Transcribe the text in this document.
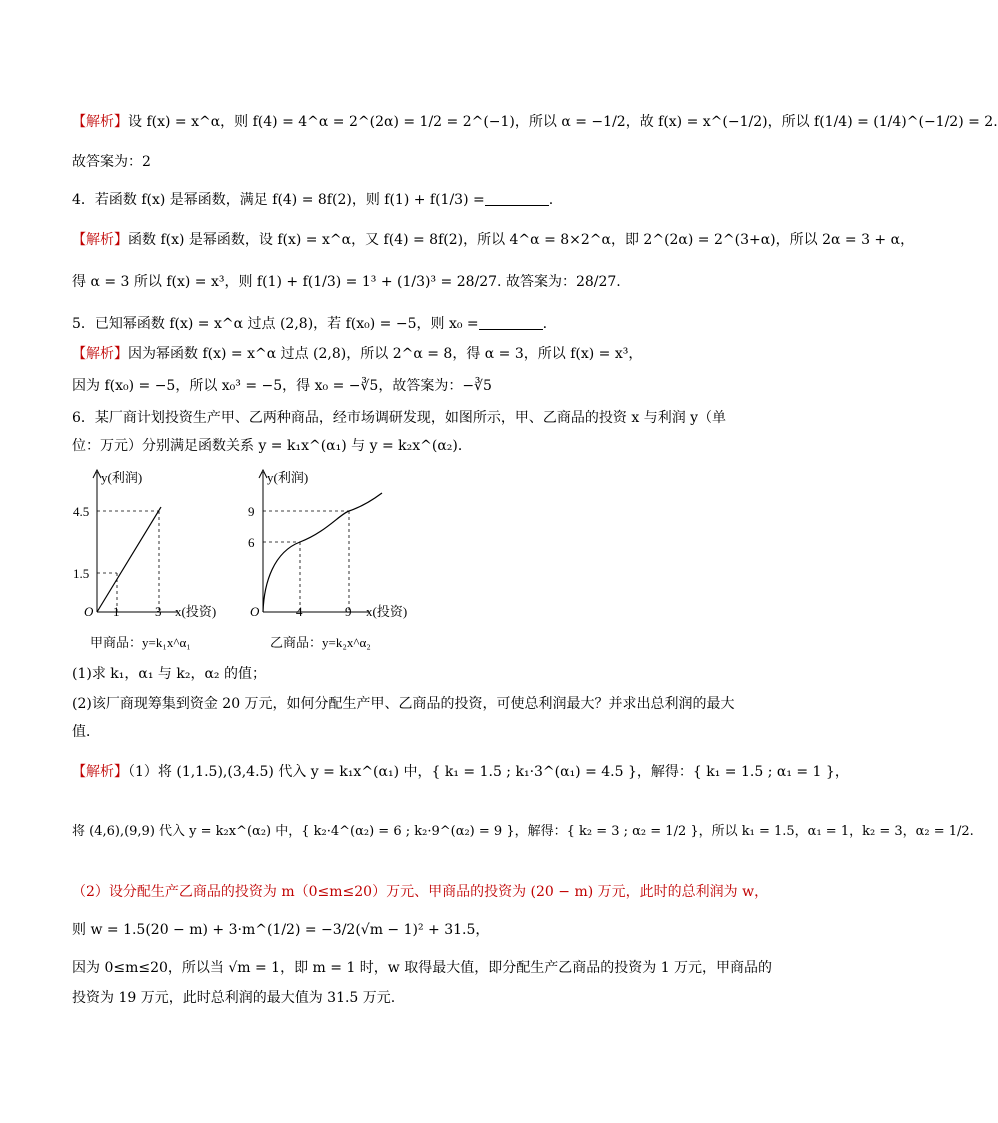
【解析】设 f(x) = x^α，则 f(4) = 4^α = 2^(2α) = 1/2 = 2^(−1)，所以 α = −1/2，故 f(x) = x^(−1/2)，所以 f(1/4) = (1/4)^(−1/2) = 2.
故答案为：2
4．若函数 f(x) 是幂函数，满足 f(4) = 8f(2)，则 f(1) + f(1/3) =	.
【解析】函数 f(x) 是幂函数，设 f(x) = x^α，又 f(4) = 8f(2)，所以 4^α = 8×2^α，即 2^(2α) = 2^(3+α)，所以 2α = 3 + α，
得 α = 3 所以 f(x) = x³，则 f(1) + f(1/3) = 1³ + (1/3)³ = 28/27. 故答案为：28/27.
5．已知幂函数 f(x) = x^α 过点 (2,8)，若 f(x₀) = −5，则 x₀ =	.
【解析】因为幂函数 f(x) = x^α 过点 (2,8)，所以 2^α = 8，得 α = 3，所以 f(x) = x³，
因为 f(x₀) = −5，所以 x₀³ = −5，得 x₀ = −∛5，故答案为：−∛5
6．某厂商计划投资生产甲、乙两种商品，经市场调研发现，如图所示，甲、乙商品的投资 x 与利润 y（单
位：万元）分别满足函数关系 y = k₁x^(α₁) 与 y = k₂x^(α₂)．
y(利润)
x(投资)
O
4.5
1.5
1	3
甲商品：y=k₁x^α₁
y(利润)
x(投资)
O
9
6
4	9
乙商品：y=k₂x^α₂
(1)求 k₁，α₁ 与 k₂，α₂ 的值；
(2)该厂商现筹集到资金 20 万元，如何分配生产甲、乙商品的投资，可使总利润最大？并求出总利润的最大
值．
【解析】（1）将 (1,1.5),(3,4.5) 代入 y = k₁x^(α₁) 中，{ k₁ = 1.5 ; k₁·3^(α₁) = 4.5 }，解得：{ k₁ = 1.5 ; α₁ = 1 }，
将 (4,6),(9,9) 代入 y = k₂x^(α₂) 中，{ k₂·4^(α₂) = 6 ; k₂·9^(α₂) = 9 }，解得：{ k₂ = 3 ; α₂ = 1/2 }，所以 k₁ = 1.5，α₁ = 1，k₂ = 3，α₂ = 1/2.
（2）设分配生产乙商品的投资为 m（0≤m≤20）万元、甲商品的投资为 (20 − m) 万元，此时的总利润为 w，
则 w = 1.5(20 − m) + 3·m^(1/2) = −3/2(√m − 1)² + 31.5，
因为 0≤m≤20，所以当 √m = 1，即 m = 1 时，w 取得最大值，即分配生产乙商品的投资为 1 万元，甲商品的
投资为 19 万元，此时总利润的最大值为 31.5 万元.
